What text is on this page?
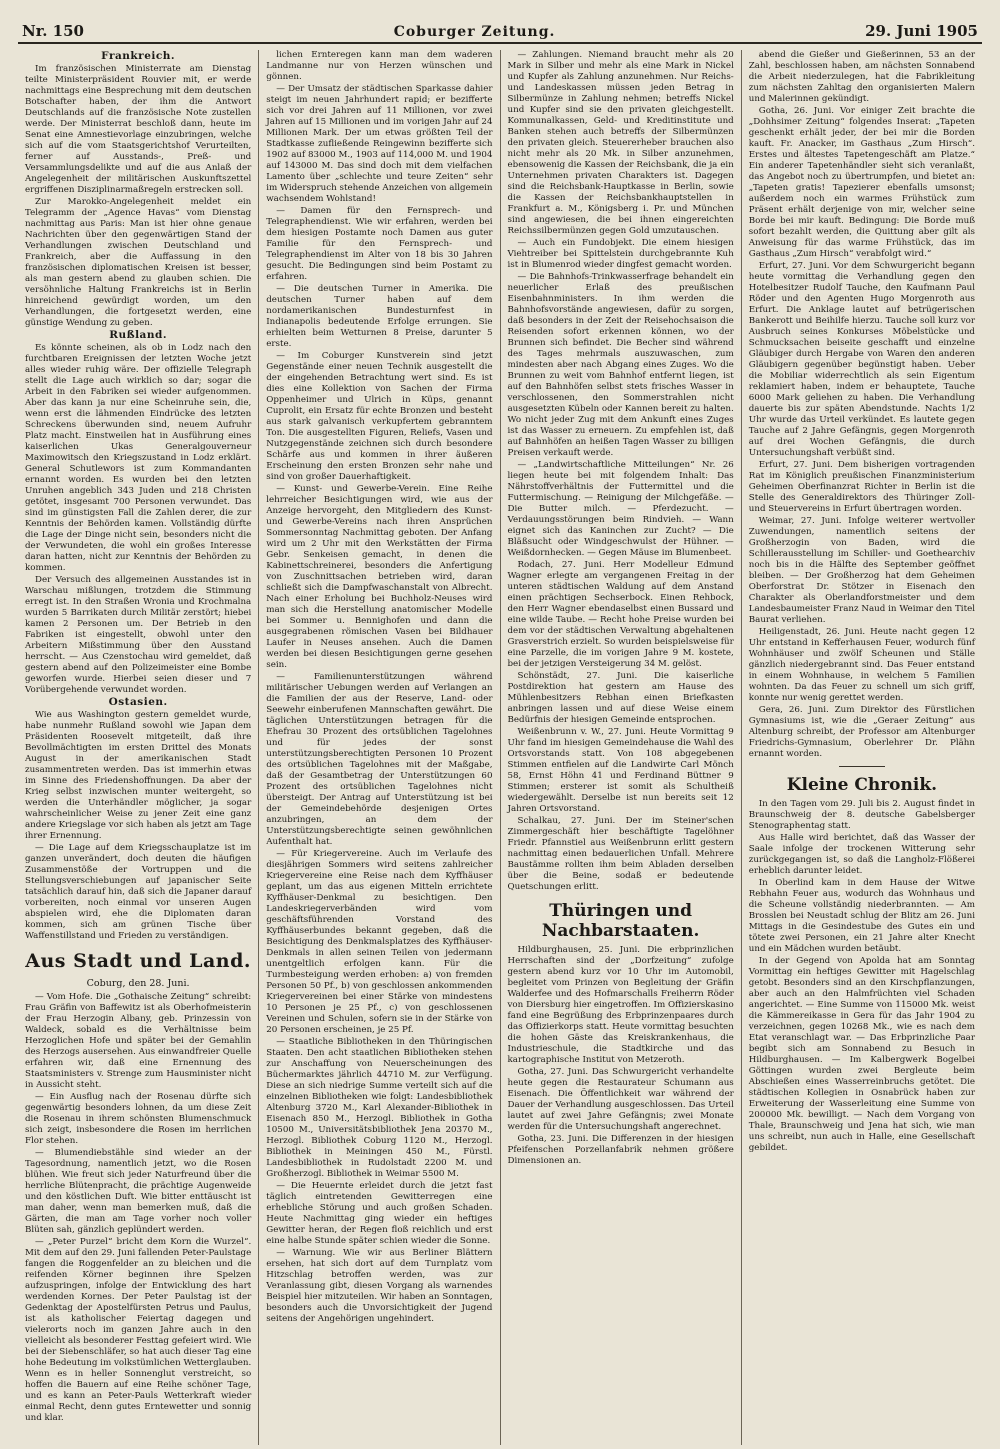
Nr. 150	Coburger Zeitung.	29. Juni 1905
Frankreich.

Im französischen Ministerrate am Dienstag teilte Ministerpräsident Rouvier mit, er werde nachmittags eine Besprechung mit dem deutschen Botschafter haben, der ihm die Antwort Deutschlands auf die französische Note zustellen werde. Der Ministerrat beschloß dann, heute im Senat eine Amnestievorlage einzubringen, welche sich auf die vom Staatsgerichtshof Verurteilten, ferner auf Ausstands-, Preß- und Versammlungsdelikte und auf die aus Anlaß der Angelegenheit der militärischen Auskunftszettel ergriffenen Disziplinarmaßregeln erstrecken soll.

Zur Marokko-Angelegenheit meldet ein Telegramm der „Agence Havas“ vom Dienstag nachmittag aus Paris: Man ist hier ohne genaue Nachrichten über den gegenwärtigen Stand der Verhandlungen zwischen Deutschland und Frankreich, aber die Auffassung in den französischen diplomatischen Kreisen ist besser, als man gestern abend zu glauben schien. Die versöhnliche Haltung Frankreichs ist in Berlin hinreichend gewürdigt worden, um den Verhandlungen, die fortgesetzt werden, eine günstige Wendung zu geben.

Rußland.

Es könnte scheinen, als ob in Lodz nach den furchtbaren Ereignissen der letzten Woche jetzt alles wieder ruhig wäre. Der offizielle Telegraph stellt die Lage auch wirklich so dar; sogar die Arbeit in den Fabriken sei wieder aufgenommen. Aber das kann ja nur eine Scheinruhe sein, die, wenn erst die lähmenden Eindrücke des letzten Schreckens überwunden sind, neuem Aufruhr Platz macht. Einstweilen hat in Ausführung eines kaiserlichen Ukas Generalgouverneur Maximowitsch den Kriegszustand in Lodz erklärt. General Schutlewors ist zum Kommandanten ernannt worden. Es wurden bei den letzten Unruhen angeblich 343 Juden und 218 Christen getötet, insgesamt 700 Personen verwundet. Das sind im günstigsten Fall die Zahlen derer, die zur Kenntnis der Behörden kamen. Vollständig dürfte die Lage der Dinge nicht sein, besonders nicht die der Verwundeten, die wohl ein großes Interesse daran hatten, nicht zur Kenntnis der Behörden zu kommen.

Der Versuch des allgemeinen Ausstandes ist in Warschau mißlungen, trotzdem die Stimmung erregt ist. In den Straßen Wronia und Krochmalna wurden 5 Barrikaten durch Militär zerstört; hiebei kamen 2 Personen um. Der Betrieb in den Fabriken ist eingestellt, obwohl unter den Arbeitern Mißstimmung über den Ausstand herrscht. — Aus Czenstochau wird gemeldet, daß gestern abend auf den Polizeimeister eine Bombe geworfen wurde. Hierbei seien dieser und 7 Vorübergehende verwundet worden.

Ostasien.

Wie aus Washington gestern gemeldet wurde, habe nunmehr Rußland sowohl wie Japan dem Präsidenten Roosevelt mitgeteilt, daß ihre Bevollmächtigten im ersten Drittel des Monats August in der amerikanischen Stadt zusammentreten werden. Das ist immerhin etwas im Sinne des Friedenshoffnungen. Da aber der Krieg selbst inzwischen munter weitergeht, so werden die Unterhändler möglicher, ja sogar wahrscheinlicher Weise zu jener Zeit eine ganz andere Kriegslage vor sich haben als jetzt am Tage ihrer Ernennung.

— Die Lage auf dem Kriegsschauplatze ist im ganzen unverändert, doch deuten die häufigen Zusammenstöße der Vortruppen und die Stellungsverschiebungen auf japanischer Seite tatsächlich darauf hin, daß sich die Japaner darauf vorbereiten, noch einmal vor unseren Augen abspielen wird, ehe die Diplomaten daran kommen, sich am grünen Tische über Waffenstillstand und Frieden zu verständigen.

Aus Stadt und Land.
Coburg, den 28. Juni.

— Vom Hofe. Die „Gothaische Zeitung“ schreibt: Frau Gräfin von Baffewitz ist als Oberhofmeisterin der Frau Herzogin Albany, geb. Prinzessin von Waldeck, sobald es die Verhältnisse beim Herzoglichen Hofe und später bei der Gemahlin des Herzogs ausersehen. Aus einwandfreier Quelle erfahren wir, daß eine Ernennung des Staatsministers v. Strenge zum Hausminister nicht in Aussicht steht.

— Ein Ausflug nach der Rosenau dürfte sich gegenwärtig besonders lohnen, da um diese Zeit die Rosenau in ihrem schönsten Blumenschmuck sich zeigt, insbesondere die Rosen im herrlichen Flor stehen.

— Blumendiebstähle sind wieder an der Tagesordnung, namentlich jetzt, wo die Rosen blühen. Wie freut sich jeder Naturfreund über die herrliche Blütenpracht, die prächtige Augenweide und den köstlichen Duft. Wie bitter enttäuscht ist man daher, wenn man bemerken muß, daß die Gärten, die man am Tage vorher noch voller Blüten sah, gänzlich geplündert werden.

— „Peter Purzel“ bricht dem Korn die Wurzel“. Mit dem auf den 29. Juni fallenden Peter-Paulstage fangen die Roggenfelder an zu bleichen und die reifenden Körner beginnen ihre Spelzen aufzuspringen, infolge der Entwicklung des hart werdenden Kornes. Der Peter Paulstag ist der Gedenktag der Apostelfürsten Petrus und Paulus, ist als katholischer Feiertag dagegen und vielerorts noch im ganzen Jahre auch in den vielleicht als besonderer Festtag gefeiert wird. Wie bei der Siebenschläfer, so hat auch dieser Tag eine hohe Bedeutung im volkstümlichen Wetterglauben. Wenn es in heller Sonnenglut verstreicht, so hoffen die Bauern auf eine Reihe schöner Tage, und es kann an Peter-Pauls Wetterkraft wieder einmal Recht, denn gutes Erntewetter und sonnig und klar.

lichen Ernteregen kann man dem waderen Landmanne nur von Herzen wünschen und gönnen.

— Der Umsatz der städtischen Sparkasse dahier steigt im neuen Jahrhundert rapid; er bezifferte sich vor drei Jahren auf 11 Millionen, vor zwei Jahren auf 15 Millionen und im vorigen Jahr auf 24 Millionen Mark. Der um etwas größten Teil der Stadtkasse zufließende Reingewinn bezifferte sich 1902 auf 83000 M., 1903 auf 114,000 M. und 1904 auf 143000 M. Das sind doch mit dem vielfachen Lamento über „schlechte und teure Zeiten“ sehr im Widerspruch stehende Anzeichen von allgemein wachsendem Wohlstand!

— Damen für den Fernsprech- und Telegraphendienst. Wie wir erfahren, werden bei dem hiesigen Postamte noch Damen aus guter Familie für den Fernsprech- und Telegraphendienst im Alter von 18 bis 30 Jahren gesucht. Die Bedingungen sind beim Postamt zu erfahren.

— Die deutschen Turner in Amerika. Die deutschen Turner haben auf dem nordamerikanischen Bundesturnfest in Indianapolis bedeutende Erfolge errungen. Sie erhielten beim Wetturnen 8 Preise, darunter 5 erste.

— Im Coburger Kunstverein sind jetzt Gegenstände einer neuen Technik ausgestellt die der eingehenden Betrachtung wert sind. Es ist dies eine Kollektion von Sachen der Firma Oppenheimer und Ulrich in Küps, genannt Cuprolit, ein Ersatz für echte Bronzen und besteht aus stark galvanisch verkupfertem gebranntem Ton. Die ausgestellten Figuren, Reliefs, Vasen und Nutzgegenstände zeichnen sich durch besondere Schärfe aus und kommen in ihrer äußeren Erscheinung den ersten Bronzen sehr nahe und sind von großer Dauerhaftigkeit.

— Kunst- und Gewerbe-Verein. Eine Reihe lehrreicher Besichtigungen wird, wie aus der Anzeige hervorgeht, den Mitgliedern des Kunst- und Gewerbe-Vereins nach ihren Ansprüchen Sommersonntag Nachmittag geboten. Der Anfang wird um 2 Uhr mit den Werkstätten der Firma Gebr. Senkeisen gemacht, in denen die Kabinettschreinerei, besonders die Anfertigung von Zuschnittsachen betrieben wird, daran schließt sich die Dampfwaschanstalt von Albrecht. Nach einer Erholung bei Buchholz-Neuses wird man sich die Herstellung anatomischer Modelle bei Sommer u. Bennighofen und dann die ausgegrabenen römischen Vasen bei Bildhauer Laufer in Neuses ansehen. Auch die Damen werden bei diesen Besichtigungen gerne gesehen sein.

— Familienunterstützungen während militärischer Uebungen werden auf Verlangen an die Familien der aus der Reserve, Land- oder Seewehr einberufenen Mannschaften gewährt. Die täglichen Unterstützungen betragen für die Ehefrau 30 Prozent des ortsüblichen Tagelohnes und für jedes der sonst unterstützungsberechtigten Personen 10 Prozent des ortsüblichen Tagelohnes mit der Maßgabe, daß der Gesamtbetrag der Unterstützungen 60 Prozent des ortsüblichen Tagelohnes nicht übersteigt. Der Antrag auf Unterstützung ist bei der Gemeindebehörde desjenigen Ortes anzubringen, an dem der Unterstützungsberechtigte seinen gewöhnlichen Aufenthalt hat.

— Für Kriegervereine. Auch im Verlaufe des diesjährigen Sommers wird seitens zahlreicher Kriegervereine eine Reise nach dem Kyffhäuser geplant, um das aus eigenen Mitteln errichtete Kyffhäuser-Denkmal zu besichtigen. Den Landeskriegerverbänden wird vom geschäftsführenden Vorstand des Kyffhäuserbundes bekannt gegeben, daß die Besichtigung des Denkmalsplatzes des Kyffhäuser-Denkmals in allen seinen Teilen von jedermann unentgeltlich erfolgen kann. Für die Turmbesteigung werden erhoben: a) von fremden Personen 50 Pf., b) von geschlossen ankommenden Kriegervereinen bei einer Stärke von mindestens 10 Personen je 25 Pf., c) von geschlossenen Vereinen und Schulen, sofern sie in der Stärke von 20 Personen erscheinen, je 25 Pf.

— Staatliche Bibliotheken in den Thüringischen Staaten. Den acht staatlichen Bibliotheken stehen zur Anschaffung von Neuerscheinungen des Büchermarktes jährlich 44710 M. zur Verfügung. Diese an sich niedrige Summe verteilt sich auf die einzelnen Bibliotheken wie folgt: Landesbibliothek Altenburg 3720 M., Karl Alexander-Bibliothek in Eisenach 850 M., Herzogl. Bibliothek in Gotha 10500 M., Universitätsbibliothek Jena 20370 M., Herzogl. Bibliothek Coburg 1120 M., Herzogl. Bibliothek in Meiningen 450 M., Fürstl. Landesbibliothek in Rudolstadt 2200 M. und Großherzogl. Bibliothek in Weimar 5500 M.

— Die Heuernte erleidet durch die jetzt fast täglich eintretenden Gewitterregen eine erhebliche Störung und auch großen Schaden. Heute Nachmittag ging wieder ein heftiges Gewitter heran, der Regen floß reichlich und erst eine halbe Stunde später schien wieder die Sonne.

— Warnung. Wie wir aus Berliner Blättern ersehen, hat sich dort auf dem Turnplatz vom Hitzschlag betroffen werden, was zur Veranlassung gibt, diesen Vorgang als warnendes Beispiel hier mitzuteilen. Wir haben an Sonntagen, besonders auch die Unvorsichtigkeit der Jugend seitens der Angehörigen ungehindert.

— Zahlungen. Niemand braucht mehr als 20 Mark in Silber und mehr als eine Mark in Nickel und Kupfer als Zahlung anzunehmen. Nur Reichs- und Landeskassen müssen jeden Betrag in Silbermünze in Zahlung nehmen; betreffs Nickel und Kupfer sind sie den privaten gleichgestellt. Kommunalkassen, Geld- und Kreditinstitute und Banken stehen auch betreffs der Silbermünzen den privaten gleich. Steuererheber brauchen also nicht mehr als 20 Mk. in Silber anzunehmen, ebensowenig die Kassen der Reichsbank, die ja ein Unternehmen privaten Charakters ist. Dagegen sind die Reichsbank-Hauptkasse in Berlin, sowie die Kassen der Reichsbankhauptstellen in Frankfurt a. M., Königsberg i. Pr. und München sind angewiesen, die bei ihnen eingereichten Reichssilbermünzen gegen Gold umzutauschen.

— Auch ein Fundobjekt. Die einem hiesigen Viehtreiber bei Spittelstein durchgebrannte Kuh ist in Blumenrod wieder dingfest gemacht worden.

— Die Bahnhofs-Trinkwasserfrage behandelt ein neuerlicher Erlaß des preußischen Eisenbahnministers. In ihm werden die Bahnhofsvorstände angewiesen, dafür zu sorgen, daß besonders in der Zeit der Reisehochsaison die Reisenden sofort erkennen können, wo der Brunnen sich befindet. Die Becher sind während des Tages mehrmals auszuwaschen, zum mindesten aber nach Abgang eines Zuges. Wo die Brunnen zu weit vom Bahnhof entfernt liegen, ist auf den Bahnhöfen selbst stets frisches Wasser in verschlossenen, den Sommerstrahlen nicht ausgesetzten Kübeln oder Kannen bereit zu halten. Wo nicht jeder Zug mit dem Ankunft eines Zuges ist das Wasser zu erneuern. Zu empfehlen ist, daß auf Bahnhöfen an heißen Tagen Wasser zu billigen Preisen verkauft werde.

— „Landwirtschaftliche Mitteilungen“ Nr. 26 liegen heute bei mit folgendem Inhalt: Das Nährstoffverhältnis der Futtermittel und die Futtermischung. — Reinigung der Milchgefäße. — Die Butter milch. — Pferdezucht. — Verdauungsstörungen beim Rindvieh. — Wann eignet sich das Kaninchen zur Zucht? — Die Bläßsucht oder Windgeschwulst der Hühner. — Weißdornhecken. — Gegen Mäuse im Blumenbeet.

Rodach, 27. Juni. Herr Modelleur Edmund Wagner erlegte am vergangenen Freitag in der unteren städtischen Waldung auf dem Anstand einen prächtigen Sechserbock. Einen Rehbock, den Herr Wagner ebendaselbst einen Bussard und eine wilde Taube. — Recht hohe Preise wurden bei dem vor der städtischen Verwaltung abgehaltenen Grasverstrich erzielt. So wurden beispielsweise für eine Parzelle, die im vorigen Jahre 9 M. kostete, bei der jetzigen Versteigerung 34 M. gelöst.

Schönstädt, 27. Juni. Die kaiserliche Postdirektion hat gestern am Hause des Mühlenbesitzers Rebhan einen Briefkasten anbringen lassen und auf diese Weise einem Bedürfnis der hiesigen Gemeinde entsprochen.

Weißenbrunn v. W., 27. Juni. Heute Vormittag 9 Uhr fand im hiesigen Gemeindehause die Wahl des Ortsvorstands statt. Von 108 abgegebenen Stimmen entfielen auf die Landwirte Carl Mönch 58, Ernst Höhn 41 und Ferdinand Büttner 9 Stimmen; ersterer ist somit als Schultheiß wiedergewählt. Derselbe ist nun bereits seit 12 Jahren Ortsvorstand.

Schalkau, 27. Juni. Der im Steiner'schen Zimmergeschäft hier beschäftigte Tagelöhner Friedr. Pfannstiel aus Weißenbrunn erlitt gestern nachmittag einen bedauerlichen Unfall. Mehrere Baustämme rollten ihm beim Abladen derselben über die Beine, sodaß er bedeutende Quetschungen erlitt.

Thüringen und Nachbarstaaten.

Hildburghausen, 25. Juni. Die erbprinzlichen Herrschaften sind der „Dorfzeitung“ zufolge gestern abend kurz vor 10 Uhr im Automobil, begleitet vom Prinzen von Begleitung der Gräfin Walderfee und des Hofmarschalls Freiherrn Röder von Diersburg hier eingetroffen. Im Offizierskasino fand eine Begrüßung des Erbprinzenpaares durch das Offizierkorps statt. Heute vormittag besuchten die hohen Gäste das Kreiskrankenhaus, die Industrieschule, die Stadtkirche und das kartographische Institut von Metzeroth.

Gotha, 27. Juni. Das Schwurgericht verhandelte heute gegen die Restaurateur Schumann aus Eisenach. Die Öffentlichkeit war während der Dauer der Verhandlung ausgeschlossen. Das Urteil lautet auf zwei Jahre Gefängnis; zwei Monate werden für die Untersuchungshaft angerechnet.

Gotha, 23. Juni. Die Differenzen in der hiesigen Pfeifenschen Porzellanfabrik nehmen größere Dimensionen an.

abend die Gießer und Gießerinnen, 53 an der Zahl, beschlossen haben, am nächsten Sonnabend die Arbeit niederzulegen, hat die Fabrikleitung zum nächsten Zahltag den organisierten Malern und Malerinnen gekündigt.

Gotha, 26. Juni. Vor einiger Zeit brachte die „Dohhsimer Zeitung“ folgendes Inserat: „Tapeten geschenkt erhält jeder, der bei mir die Borden kauft. Fr. Anacker, im Gasthaus „Zum Hirsch“. Erstes und ältestes Tapetengeschäft am Platze.“ Ein anderer Tapetenhändler sieht sich veranlaßt, das Angebot noch zu übertrumpfen, und bietet an: „Tapeten gratis! Tapezierer ebenfalls umsonst; außerdem noch ein warmes Frühstück zum Präsent erhält derjenige von mir, welcher seine Borde bei mir kauft. Bedingung: Die Borde muß sofort bezahlt werden, die Quittung aber gilt als Anweisung für das warme Frühstück, das im Gasthaus „Zum Hirsch“ verabfolgt wird.“

Erfurt, 27. Juni. Vor dem Schwurgericht begann heute vormittag die Verhandlung gegen den Hotelbesitzer Rudolf Tauche, den Kaufmann Paul Röder und den Agenten Hugo Morgenroth aus Erfurt. Die Anklage lautet auf betrügerischen Bankerott und Beihilfe hierzu. Tauche soll kurz vor Ausbruch seines Konkurses Möbelstücke und Schmucksachen beiseite geschafft und einzelne Gläubiger durch Hergabe von Waren den anderen Gläubigern gegenüber begünstigt haben. Ueber die Mobiliar widerrechtlich als sein Eigentum reklamiert haben, indem er behauptete, Tauche 6000 Mark geliehen zu haben. Die Verhandlung dauerte bis zur späten Abendstunde. Nachts 1/2 Uhr wurde das Urteil verkündet. Es lautete gegen Tauche auf 2 Jahre Gefängnis, gegen Morgenroth auf drei Wochen Gefängnis, die durch Untersuchungshaft verbüßt sind.

Erfurt, 27. Juni. Dem bisherigen vortragenden Rat im Königlich preußischen Finanzministerium Geheimen Oberfinanzrat Richter in Berlin ist die Stelle des Generaldirektors des Thüringer Zoll- und Steuervereins in Erfurt übertragen worden.

Weimar, 27. Juni. Infolge weiterer wertvoller Zuwendungen, namentlich seitens der Großherzogin von Baden, wird die Schillerausstellung im Schiller- und Goethearchiv noch bis in die Hälfte des September geöffnet bleiben. — Der Großherzog hat dem Geheimen Oberforstrat Dr. Stötzer in Eisenach den Charakter als Oberlandforstmeister und dem Landesbaumeister Franz Naud in Weimar den Titel Baurat verliehen.

Heiligenstadt, 26. Juni. Heute nacht gegen 12 Uhr entstand in Kefferhausen Feuer, wodurch fünf Wohnhäuser und zwölf Scheunen und Ställe gänzlich niedergebrannt sind. Das Feuer entstand in einem Wohnhause, in welchem 5 Familien wohnten. Da das Feuer zu schnell um sich griff, konnte nur wenig gerettet werden.

Gera, 26. Juni. Zum Direktor des Fürstlichen Gymnasiums ist, wie die „Geraer Zeitung“ aus Altenburg schreibt, der Professor am Altenburger Friedrichs-Gymnasium, Oberlehrer Dr. Plähn ernannt worden.

Kleine Chronik.

In den Tagen vom 29. Juli bis 2. August findet in Braunschweig der 8. deutsche Gabelsberger Stenographentag statt.

Aus Halle wird berichtet, daß das Wasser der Saale infolge der trockenen Witterung sehr zurückgegangen ist, so daß die Langholz-Flößerei erheblich darunter leidet.

In Oberlind kam in dem Hause der Witwe Rebhahn Feuer aus, wodurch das Wohnhaus und die Scheune vollständig niederbrannten. — Am Brosslen bei Neustadt schlug der Blitz am 26. Juni Mittags in die Gesindestube des Gutes ein und tötete zwei Personen, ein 21 Jahre alter Knecht und ein Mädchen wurden betäubt.

In der Gegend von Apolda hat am Sonntag Vormittag ein heftiges Gewitter mit Hagelschlag getobt. Besonders sind an den Kirschpflanzungen, aber auch an den Halmfrüchten viel Schaden angerichtet. — Eine Summe von 115000 Mk. weist die Kämmereikasse in Gera für das Jahr 1904 zu verzeichnen, gegen 10268 Mk., wie es nach dem Etat veranschlagt war. — Das Erbprinzliche Paar begibt sich am Sonnabend zu Besuch in Hildburghausen. — Im Kalbergwerk Bogelbei Göttingen wurden zwei Bergleute beim Abschießen eines Wasserreinbruchs getötet. Die städtischen Kollegien in Osnabrück haben zur Erweiterung der Wasserleitung eine Summe von 200000 Mk. bewilligt. — Nach dem Vorgang von Thale, Braunschweig und Jena hat sich, wie man uns schreibt, nun auch in Halle, eine Gesellschaft gebildet.
